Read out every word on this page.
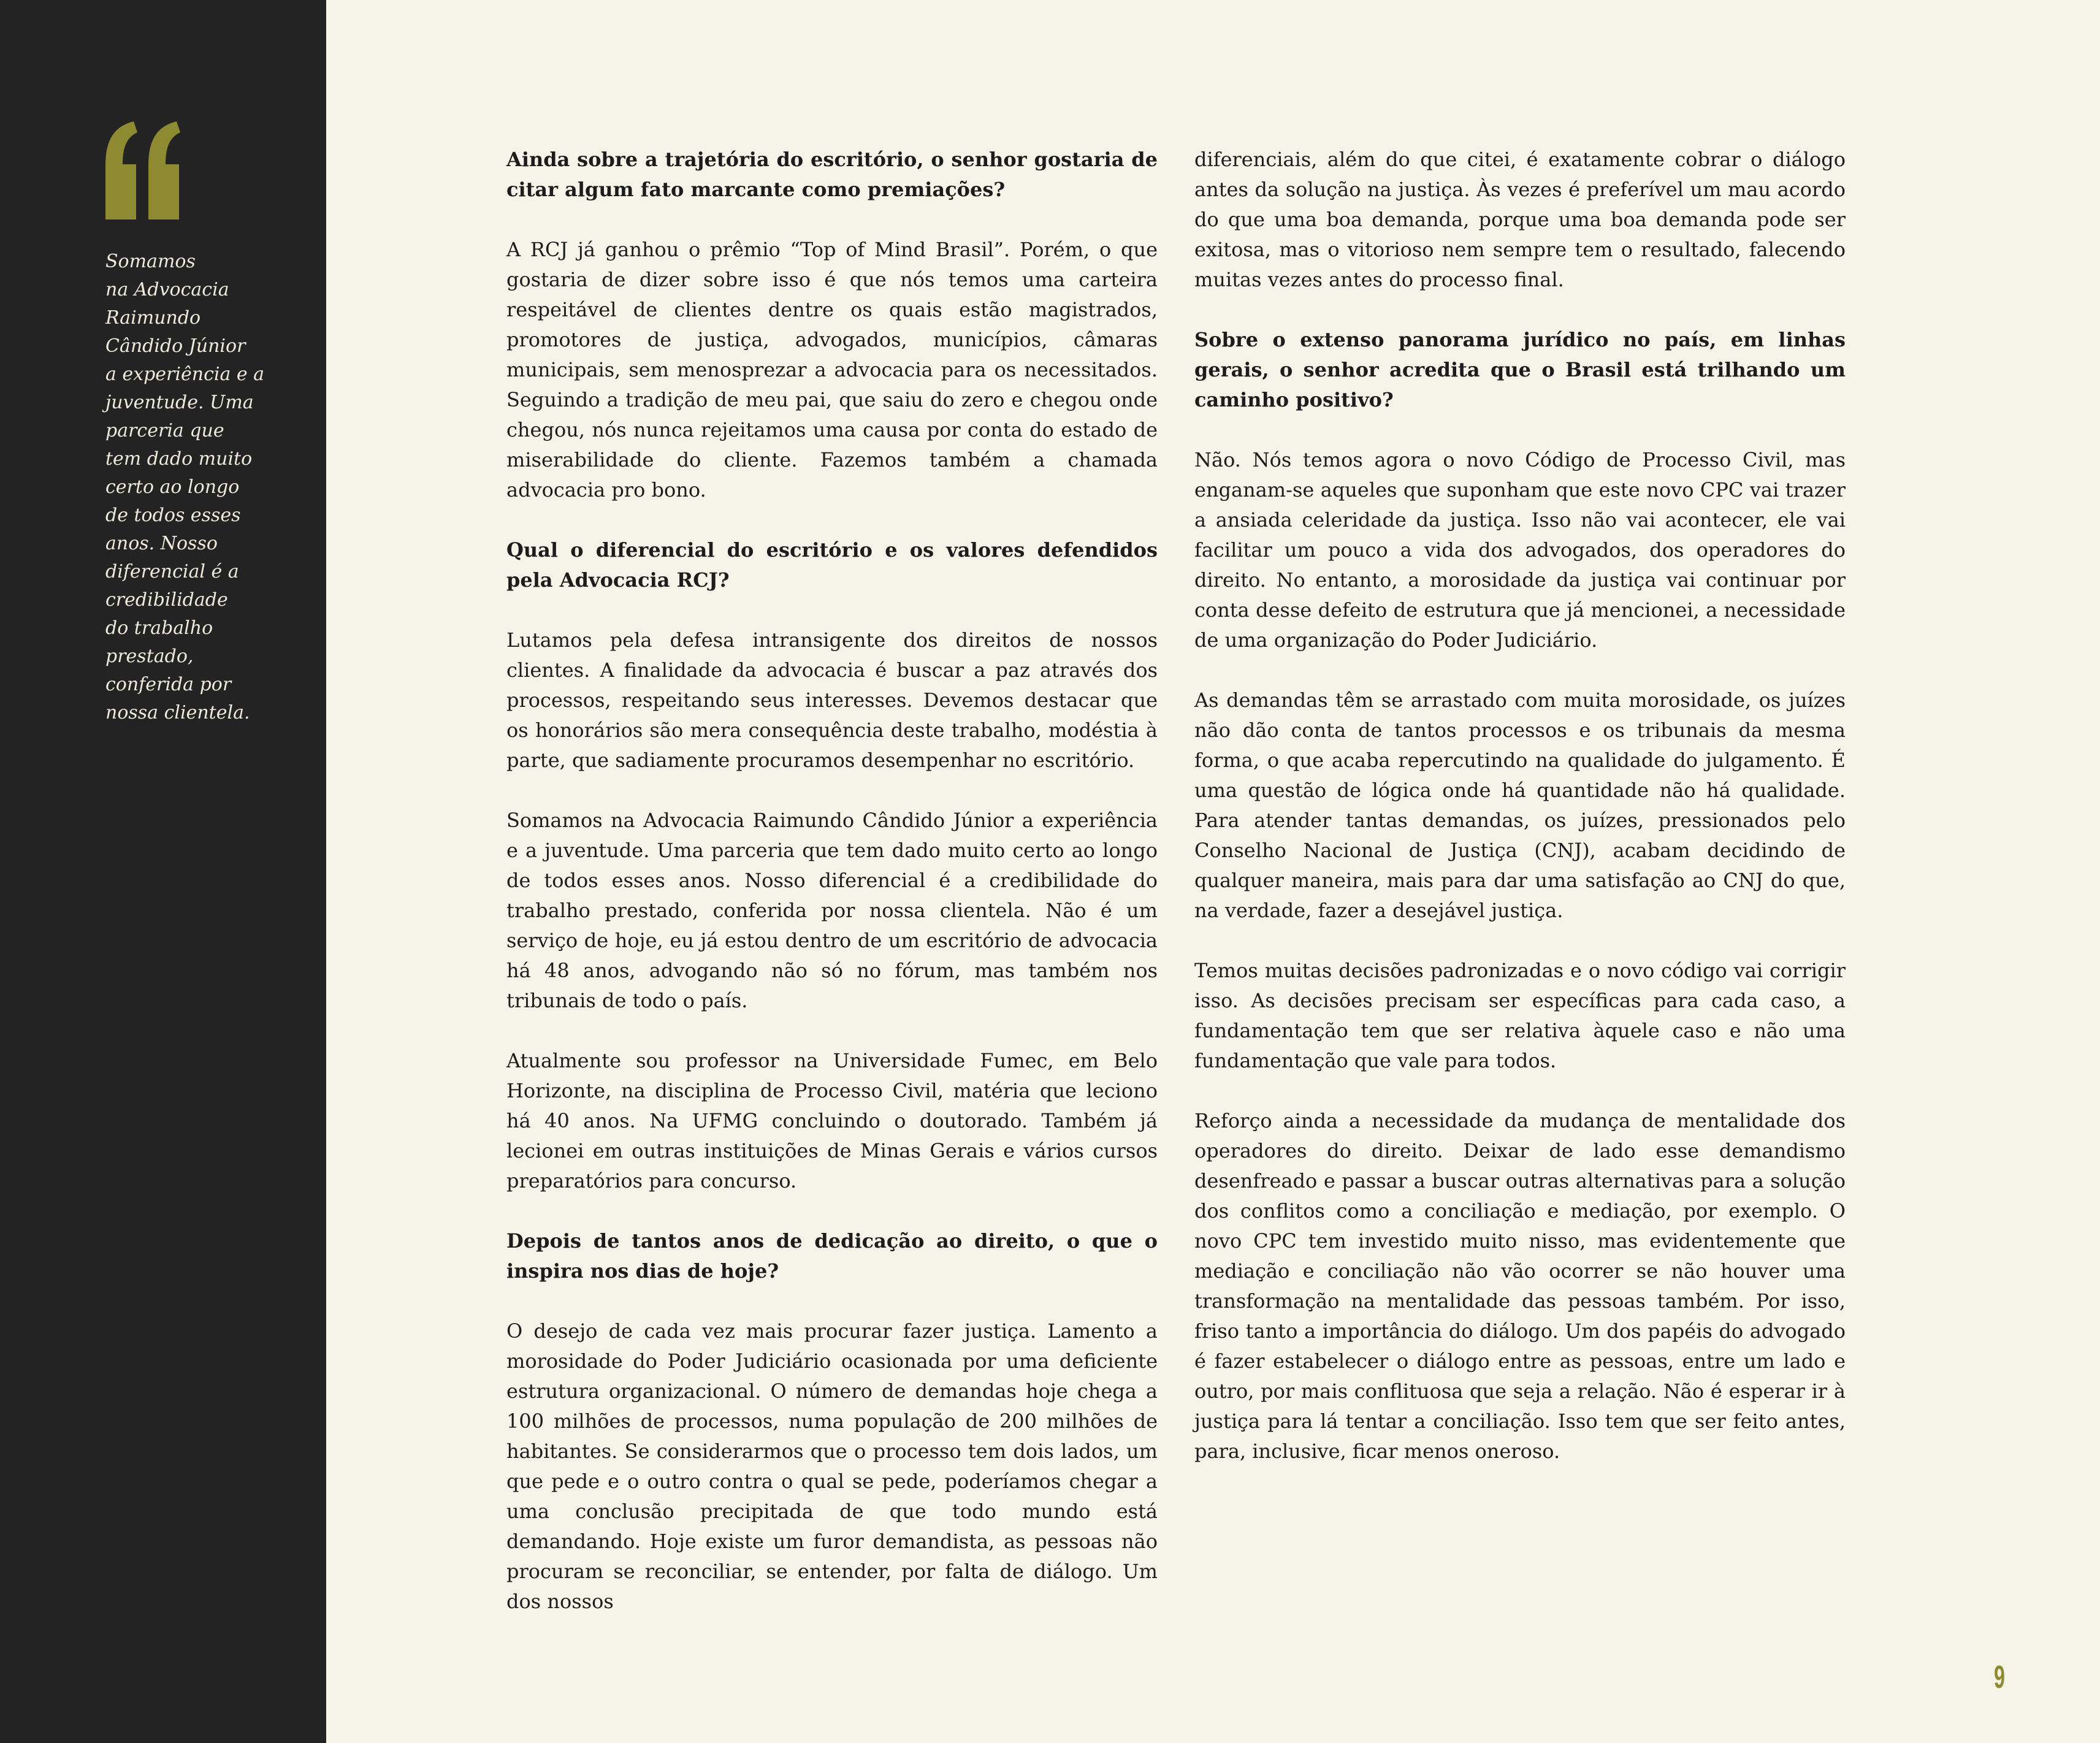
Somamos
na Advocacia
Raimundo
Cândido Júnior
a experiência e a
juventude. Uma
parceria que
tem dado muito
certo ao longo
de todos esses
anos. Nosso
diferencial é a
credibilidade
do trabalho
prestado,
conferida por
nossa clientela.

Ainda sobre a trajetória do escritório, o senhor gostaria de citar algum fato marcante como premiações?

A RCJ já ganhou o prêmio “Top of Mind Brasil”. Porém, o que gostaria de dizer sobre isso é que nós temos uma carteira respeitável de clientes dentre os quais estão magistrados, promotores de justiça, advogados, municípios, câmaras municipais, sem menosprezar a advocacia para os necessitados. Seguindo a tradição de meu pai, que saiu do zero e chegou onde chegou, nós nunca rejeitamos uma causa por conta do estado de miserabilidade do cliente. Fazemos também a chamada advocacia pro bono.

Qual o diferencial do escritório e os valores defendidos pela Advocacia RCJ?

Lutamos pela defesa intransigente dos direitos de nossos clientes. A finalidade da advocacia é buscar a paz através dos processos, respeitando seus interesses. Devemos destacar que os honorários são mera consequência deste trabalho, modéstia à parte, que sadiamente procuramos desempenhar no escritório.

Somamos na Advocacia Raimundo Cândido Júnior a experiência e a juventude. Uma parceria que tem dado muito certo ao longo de todos esses anos. Nosso diferencial é a credibilidade do trabalho prestado, conferida por nossa clientela. Não é um serviço de hoje, eu já estou dentro de um escritório de advocacia há 48 anos, advogando não só no fórum, mas também nos tribunais de todo o país.

Atualmente sou professor na Universidade Fumec, em Belo Horizonte, na disciplina de Processo Civil, matéria que leciono há 40 anos. Na UFMG concluindo o doutorado. Também já lecionei em outras instituições de Minas Gerais e vários cursos preparatórios para concurso.

Depois de tantos anos de dedicação ao direito, o que o inspira nos dias de hoje?

O desejo de cada vez mais procurar fazer justiça. Lamento a morosidade do Poder Judiciário ocasionada por uma deficiente estrutura organizacional. O número de demandas hoje chega a 100 milhões de processos, numa população de 200 milhões de habitantes. Se considerarmos que o processo tem dois lados, um que pede e o outro contra o qual se pede, poderíamos chegar a uma conclusão precipitada de que todo mundo está demandando. Hoje existe um furor demandista, as pessoas não procuram se reconciliar, se entender, por falta de diálogo. Um dos nossos

diferenciais, além do que citei, é exatamente cobrar o diálogo antes da solução na justiça. Às vezes é preferível um mau acordo do que uma boa demanda, porque uma boa demanda pode ser exitosa, mas o vitorioso nem sempre tem o resultado, falecendo muitas vezes antes do processo final.

Sobre o extenso panorama jurídico no país, em linhas gerais, o senhor acredita que o Brasil está trilhando um caminho positivo?

Não. Nós temos agora o novo Código de Processo Civil, mas enganam-se aqueles que suponham que este novo CPC vai trazer a ansiada celeridade da justiça. Isso não vai acontecer, ele vai facilitar um pouco a vida dos advogados, dos operadores do direito. No entanto, a morosidade da justiça vai continuar por conta desse defeito de estrutura que já mencionei, a necessidade de uma organização do Poder Judiciário.

As demandas têm se arrastado com muita morosidade, os juízes não dão conta de tantos processos e os tribunais da mesma forma, o que acaba repercutindo na qualidade do julgamento. É uma questão de lógica onde há quantidade não há qualidade. Para atender tantas demandas, os juízes, pressionados pelo Conselho Nacional de Justiça (CNJ), acabam decidindo de qualquer maneira, mais para dar uma satisfação ao CNJ do que, na verdade, fazer a desejável justiça.

Temos muitas decisões padronizadas e o novo código vai corrigir isso. As decisões precisam ser específicas para cada caso, a fundamentação tem que ser relativa àquele caso e não uma fundamentação que vale para todos.

Reforço ainda a necessidade da mudança de mentalidade dos operadores do direito. Deixar de lado esse demandismo desenfreado e passar a buscar outras alternativas para a solução dos conflitos como a conciliação e mediação, por exemplo. O novo CPC tem investido muito nisso, mas evidentemente que mediação e conciliação não vão ocorrer se não houver uma transformação na mentalidade das pessoas também. Por isso, friso tanto a importância do diálogo. Um dos papéis do advogado é fazer estabelecer o diálogo entre as pessoas, entre um lado e outro, por mais conflituosa que seja a relação. Não é esperar ir à justiça para lá tentar a conciliação. Isso tem que ser feito antes, para, inclusive, ficar menos oneroso.

9
